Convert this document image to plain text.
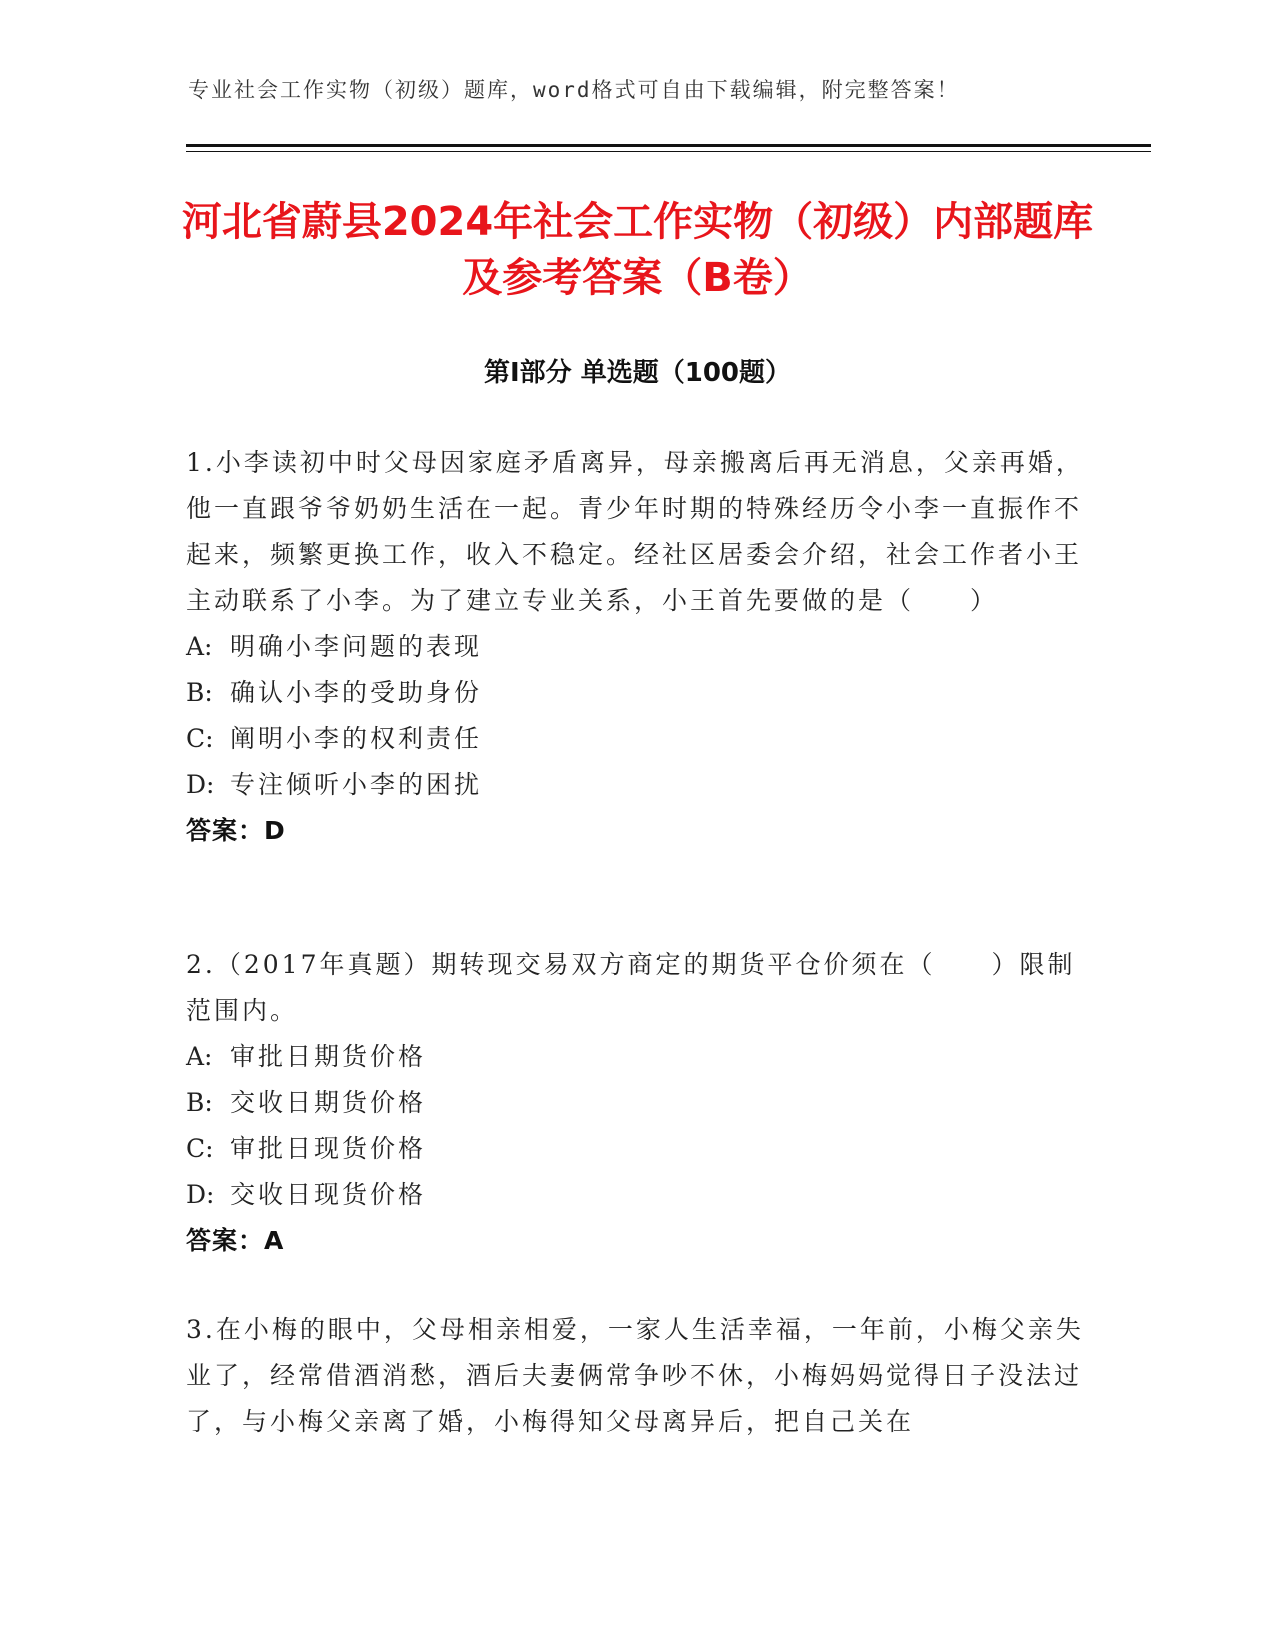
专业社会工作实物（初级）题库，word格式可自由下载编辑，附完整答案！
河北省蔚县2024年社会工作实物（初级）内部题库及参考答案（B卷）
第Ⅰ部分 单选题（100题）

1.小李读初中时父母因家庭矛盾离异，母亲搬离后再无消息，父亲再婚，他一直跟爷爷奶奶生活在一起。青少年时期的特殊经历令小李一直振作不起来，频繁更换工作，收入不稳定。经社区居委会介绍，社会工作者小王主动联系了小李。为了建立专业关系，小王首先要做的是（　　）

A: 明确小李问题的表现

B: 确认小李的受助身份

C: 阐明小李的权利责任

D: 专注倾听小李的困扰

答案：D

2.（2017年真题）期转现交易双方商定的期货平仓价须在（　　）限制范围内。

A: 审批日期货价格

B: 交收日期货价格

C: 审批日现货价格

D: 交收日现货价格

答案：A

3.在小梅的眼中，父母相亲相爱，一家人生活幸福，一年前，小梅父亲失业了，经常借酒消愁，酒后夫妻俩常争吵不休，小梅妈妈觉得日子没法过了，与小梅父亲离了婚，小梅得知父母离异后，把自己关在
